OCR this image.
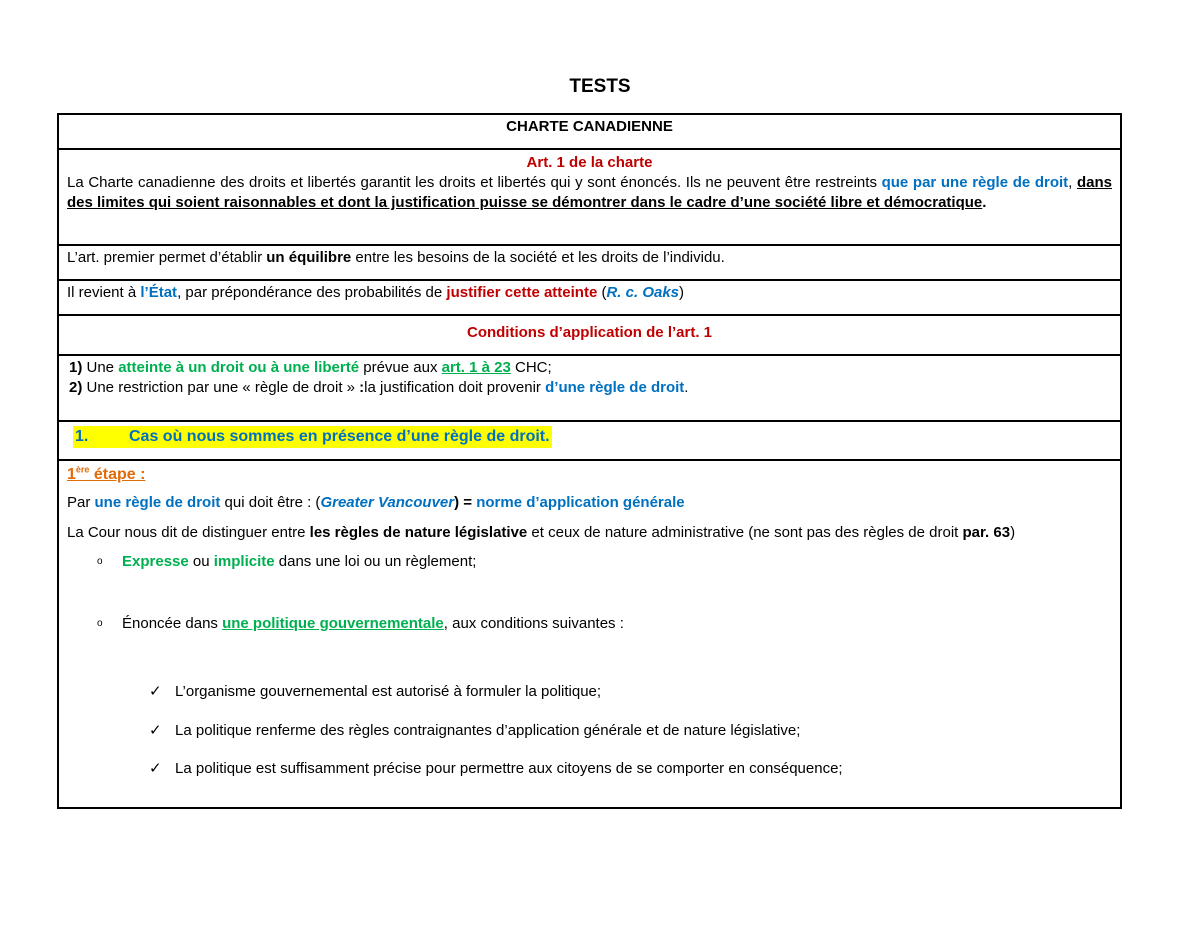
TESTS
CHARTE CANADIENNE

Art. 1 de la charte

La Charte canadienne des droits et libertés garantit les droits et libertés qui y sont énoncés. Ils ne peuvent être restreints que par une règle de droit, dans des limites qui soient raisonnables et dont la justification puisse se démontrer dans le cadre d’une société libre et démocratique.

L’art. premier permet d’établir un équilibre entre les besoins de la société et les droits de l’individu.
Il revient à l’État, par prépondérance des probabilités de justifier cette atteinte (R. c. Oaks)
Conditions d’application de l’art. 1

1) Une atteinte à un droit ou à une liberté prévue aux art. 1 à 23 CHC;

2) Une restriction par une « règle de droit » :la justification doit provenir d’une règle de droit.

1.	Cas où nous sommes en présence d’une règle de droit.

1ère étape :

Par une règle de droit qui doit être : (Greater Vancouver) = norme d’application générale

La Cour nous dit de distinguer entre les règles de nature législative et ceux de nature administrative (ne sont pas des règles de droit par. 63)

o Expresse ou implicite dans une loi ou un règlement;

o Énoncée dans une politique gouvernementale, aux conditions suivantes :

✓ L’organisme gouvernemental est autorisé à formuler la politique;

✓ La politique renferme des règles contraignantes d’application générale et de nature législative;

✓ La politique est suffisamment précise pour permettre aux citoyens de se comporter en conséquence;
